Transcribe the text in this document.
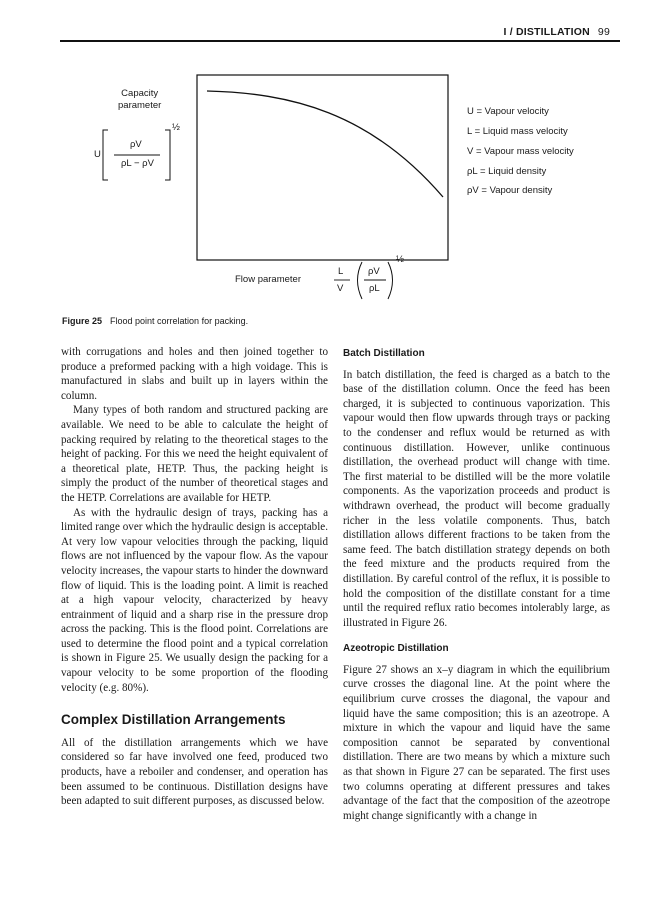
I / DISTILLATION 99
Capacity
parameter
U
ρV
ρL − ρV
½
Flow parameter
L
V
ρV
ρL
½
U = Vapour velocity
L = Liquid mass velocity
V = Vapour mass velocity
ρL = Liquid density
ρV = Vapour density
Figure 25 Flood point correlation for packing.

with corrugations and holes and then joined together to produce a preformed packing with a high voidage. This is manufactured in slabs and built up in layers within the column.

Many types of both random and structured packing are available. We need to be able to calculate the height of packing required by relating to the theoretical stages to the height of packing. For this we need the height equivalent of a theoretical plate, HETP. Thus, the packing height is simply the product of the number of theoretical stages and the HETP. Correlations are available for HETP.

As with the hydraulic design of trays, packing has a limited range over which the hydraulic design is acceptable. At very low vapour velocities through the packing, liquid flows are not influenced by the vapour flow. As the vapour velocity increases, the vapour starts to hinder the downward flow of liquid. This is the loading point. A limit is reached at a high vapour velocity, characterized by heavy entrainment of liquid and a sharp rise in the pressure drop across the packing. This is the flood point. Correlations are used to determine the flood point and a typical correlation is shown in Figure 25. We usually design the packing for a vapour velocity to be some proportion of the flooding velocity (e.g. 80%).

Complex Distillation Arrangements

All of the distillation arrangements which we have considered so far have involved one feed, produced two products, have a reboiler and condenser, and operation has been assumed to be continuous. Distillation designs have been adapted to suit different purposes, as discussed below.

Batch Distillation

In batch distillation, the feed is charged as a batch to the base of the distillation column. Once the feed has been charged, it is subjected to continuous vaporization. This vapour would then flow upwards through trays or packing to the condenser and reflux would be returned as with continuous distillation. However, unlike continuous distillation, the overhead product will change with time. The first material to be distilled will be the more volatile components. As the vaporization proceeds and product is withdrawn overhead, the product will become gradually richer in the less volatile components. Thus, batch distillation allows different fractions to be taken from the same feed. The batch distillation strategy depends on both the feed mixture and the products required from the distillation. By careful control of the reflux, it is possible to hold the composition of the distillate constant for a time until the required reflux ratio becomes intolerably large, as illustrated in Figure 26.

Azeotropic Distillation

Figure 27 shows an x–y diagram in which the equilibrium curve crosses the diagonal line. At the point where the equilibrium curve crosses the diagonal, the vapour and liquid have the same composition; this is an azeotrope. A mixture in which the vapour and liquid have the same composition cannot be separated by conventional distillation. There are two means by which a mixture such as that shown in Figure 27 can be separated. The first uses two columns operating at different pressures and takes advantage of the fact that the composition of the azeotrope might change significantly with a change in
